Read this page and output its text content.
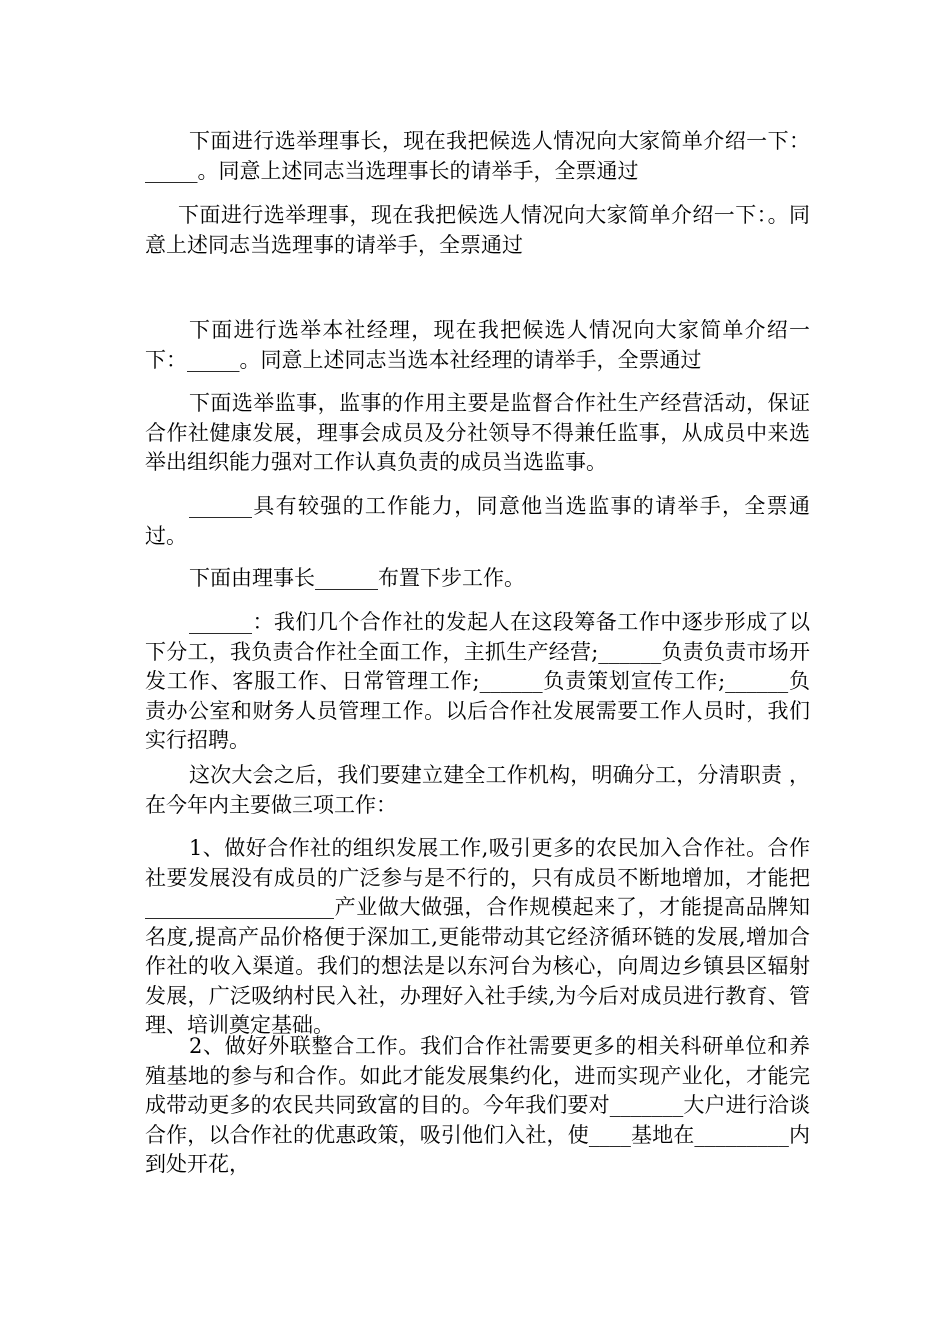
下面进行选举理事长，现在我把候选人情况向大家简单介绍一下：_____。同意上述同志当选理事长的请举手，全票通过

下面进行选举理事，现在我把候选人情况向大家简单介绍一下：。同意上述同志当选理事的请举手，全票通过

下面进行选举本社经理，现在我把候选人情况向大家简单介绍一下：_____。同意上述同志当选本社经理的请举手，全票通过

下面选举监事，监事的作用主要是监督合作社生产经营活动，保证合作社健康发展，理事会成员及分社领导不得兼任监事，从成员中来选举出组织能力强对工作认真负责的成员当选监事。

______具有较强的工作能力，同意他当选监事的请举手，全票通过。

下面由理事长______布置下步工作。

______：我们几个合作社的发起人在这段筹备工作中逐步形成了以下分工，我负责合作社全面工作，主抓生产经营;______负责负责市场开发工作、客服工作、日常管理工作;______负责策划宣传工作;______负责办公室和财务人员管理工作。以后合作社发展需要工作人员时，我们实行招聘。

这次大会之后，我们要建立建全工作机构，明确分工，分清职责 ，在今年内主要做三项工作：

1、做好合作社的组织发展工作,吸引更多的农民加入合作社。合作社要发展没有成员的广泛参与是不行的，只有成员不断地增加，才能把__________________产业做大做强，合作规模起来了，才能提高品牌知名度,提高产品价格便于深加工,更能带动其它经济循环链的发展,增加合作社的收入渠道。我们的想法是以东河台为核心，向周边乡镇县区辐射发展，广泛吸纳村民入社，办理好入社手续,为今后对成员进行教育、管理、培训奠定基础。

2、做好外联整合工作。我们合作社需要更多的相关科研单位和养殖基地的参与和合作。如此才能发展集约化，进而实现产业化，才能完成带动更多的农民共同致富的目的。今年我们要对_______大户进行洽谈合作，以合作社的优惠政策，吸引他们入社，使____基地在_________内到处开花，
